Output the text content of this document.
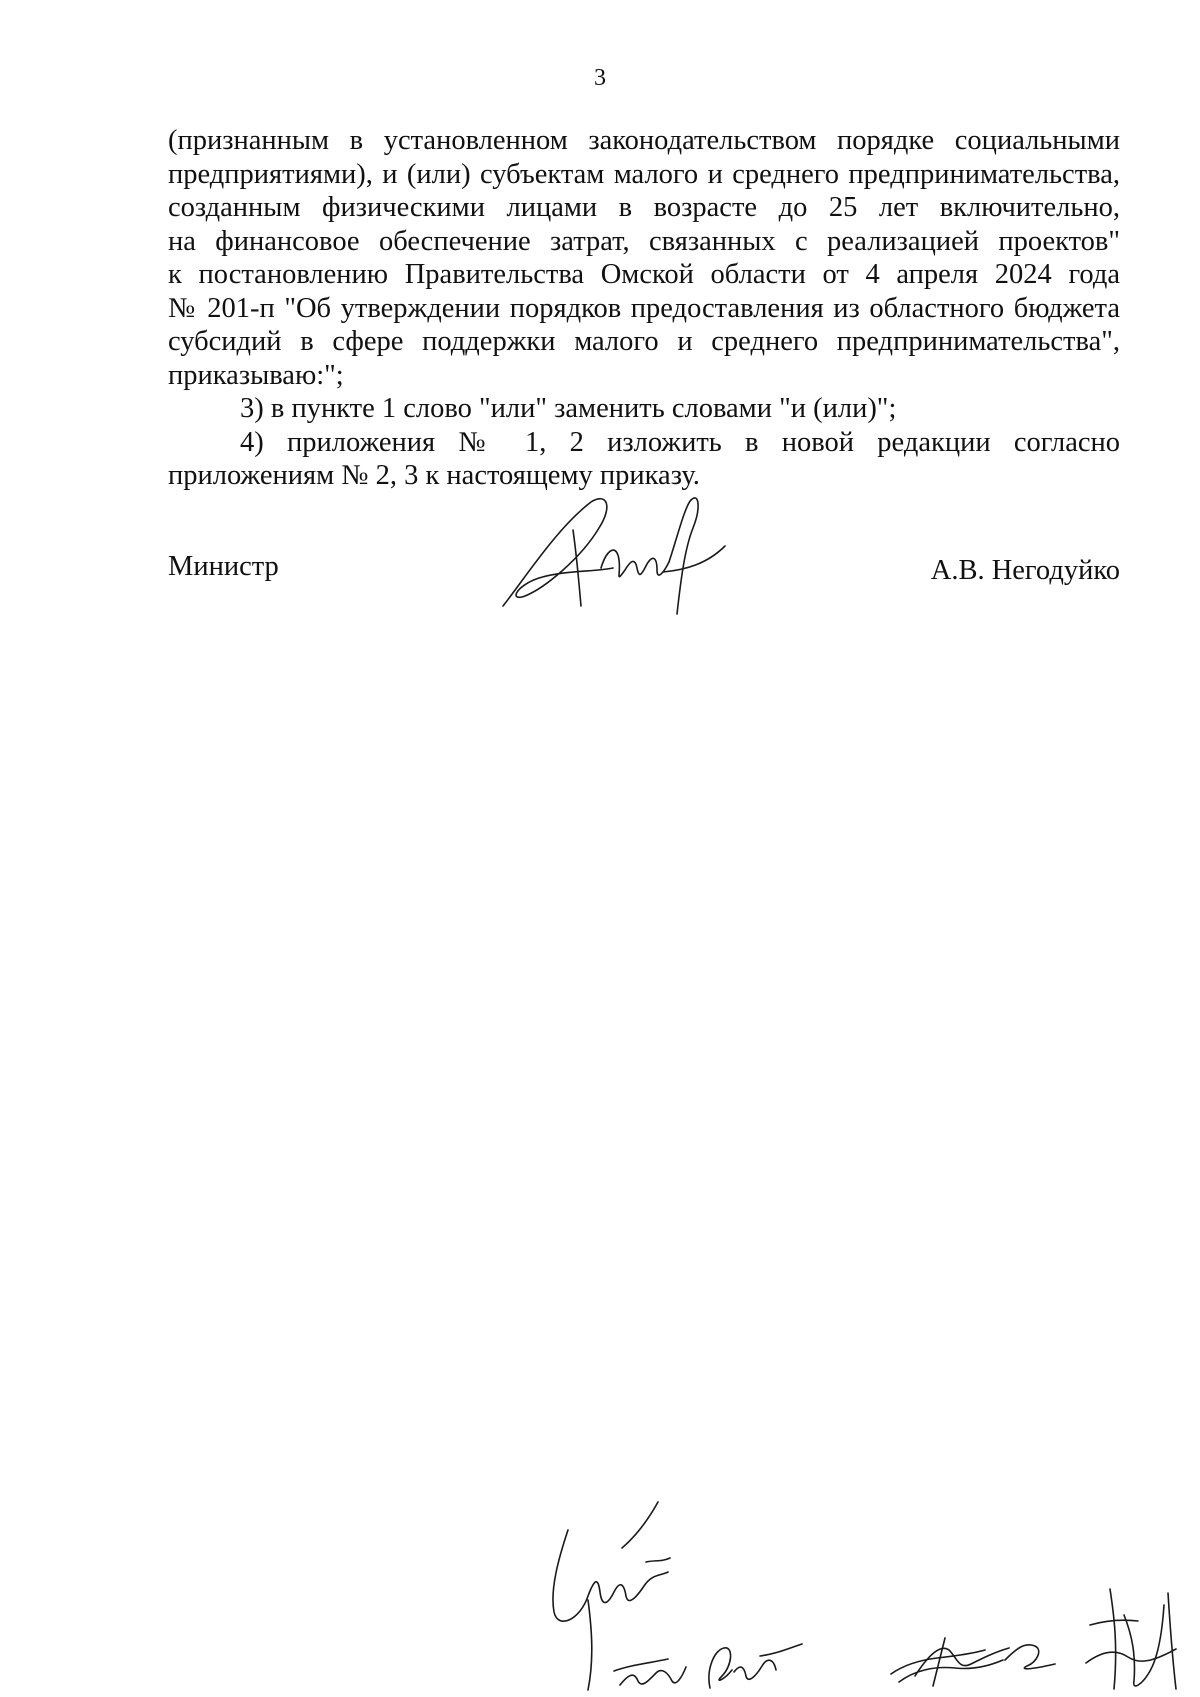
3
(признанным в установленном законодательством порядке социальными
предприятиями), и (или) субъектам малого и среднего предпринимательства,
созданным физическими лицами в возрасте до 25 лет включительно,
на финансовое обеспечение затрат, связанных с реализацией проектов"
к постановлению Правительства Омской области от 4 апреля 2024 года
№ 201-п "Об утверждении порядков предоставления из областного бюджета
субсидий в сфере поддержки малого и среднего предпринимательства",
приказываю:";
3) в пункте 1 слово "или" заменить словами "и (или)";
4) приложения № 1, 2 изложить в новой редакции согласно
приложениям № 2, 3 к настоящему приказу.
Министр	А.В. Негодуйко
